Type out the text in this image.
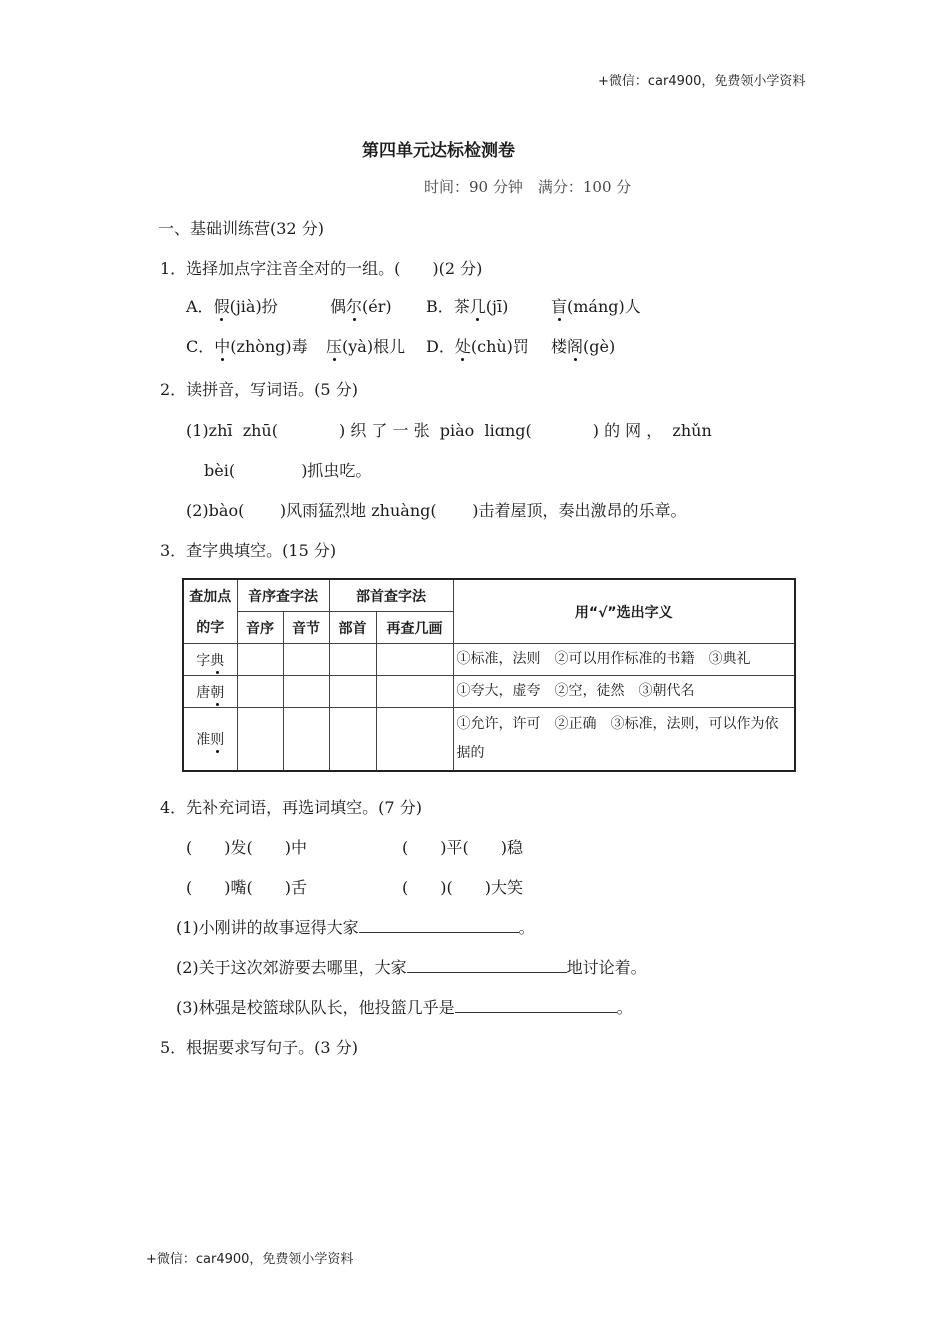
+微信：car4900，免费领小学资料
第四单元达标检测卷
时间：90 分钟　满分：100 分
一、基础训练营(32 分)
1．选择加点字注音全对的一组。(　　)(2 分)
A．假(jià)扮	偶尔(ér) B．茶几(jī)	盲(máng)人
C．中(zhòng)毒 压(yà)根儿 D．处(chù)罚 楼阁(gè)
2．读拼音，写词语。(5 分)
(1)zhī  zhū(            ) 织 了 一 张  piào  liɑng(            ) 的 网 ，  zhǔn
bèi(             )抓虫吃。
(2)bào(       )风雨猛烈地 zhuàng(       )击着屋顶，奏出激昂的乐章。
3．查字典填空。(15 分)
查加点	音序查字法		部首查字法		用“√”选出字义
的字	音序	音节	部首	再查几画	
字典					①标准，法则　②可以用作标准的书籍　③典礼
唐朝					①夸大，虚夸　②空，徒然　③朝代名
准则					①允许，许可　②正确　③标准，法则，可以作为依据的
4．先补充词语，再选词填空。(7 分)
(　　)发(　　)中	(　　)平(　　)稳
(　　)嘴(　　)舌	(　　)(　　)大笑
(1)小刚讲的故事逗得大家	。
(2)关于这次郊游要去哪里，大家	地讨论着。
(3)林强是校篮球队队长，他投篮几乎是	。
5．根据要求写句子。(3 分)
+微信：car4900，免费领小学资料
